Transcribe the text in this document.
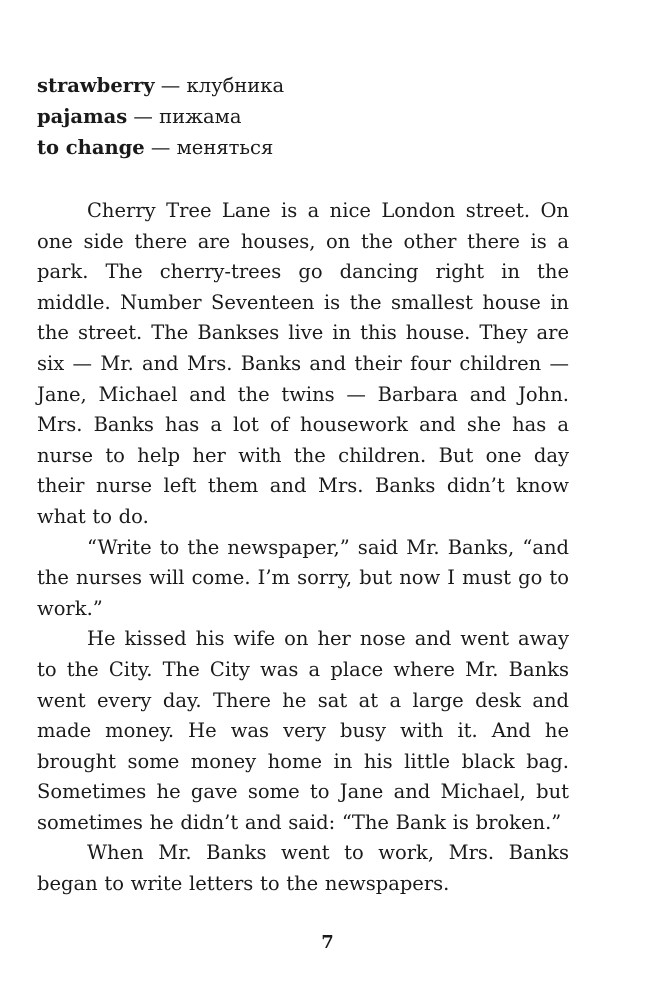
strawberry — клубника
pajamas — пижама
to change — меняться

Cherry Tree Lane is a nice London street. On one side there are houses, on the other there is a park. The cherry-trees go dancing right in the middle. Number Seventeen is the smallest house in the street. The Bankses live in this house. They are six — Mr. and Mrs. Banks and their four children — Jane, Michael and the twins — Barbara and John. Mrs. Banks has a lot of housework and she has a nurse to help her with the children. But one day their nurse left them and Mrs. Banks didn’t know what to do.

“Write to the newspaper,” said Mr. Banks, “and the nurses will come. I’m sorry, but now I must go to work.”

He kissed his wife on her nose and went away to the City. The City was a place where Mr. Banks went every day. There he sat at a large desk and made money. He was very busy with it. And he brought some money home in his little black bag. Sometimes he gave some to Jane and Michael, but sometimes he didn’t and said: “The Bank is broken.”

When Mr. Banks went to work, Mrs. Banks began to write letters to the newspapers.

7
